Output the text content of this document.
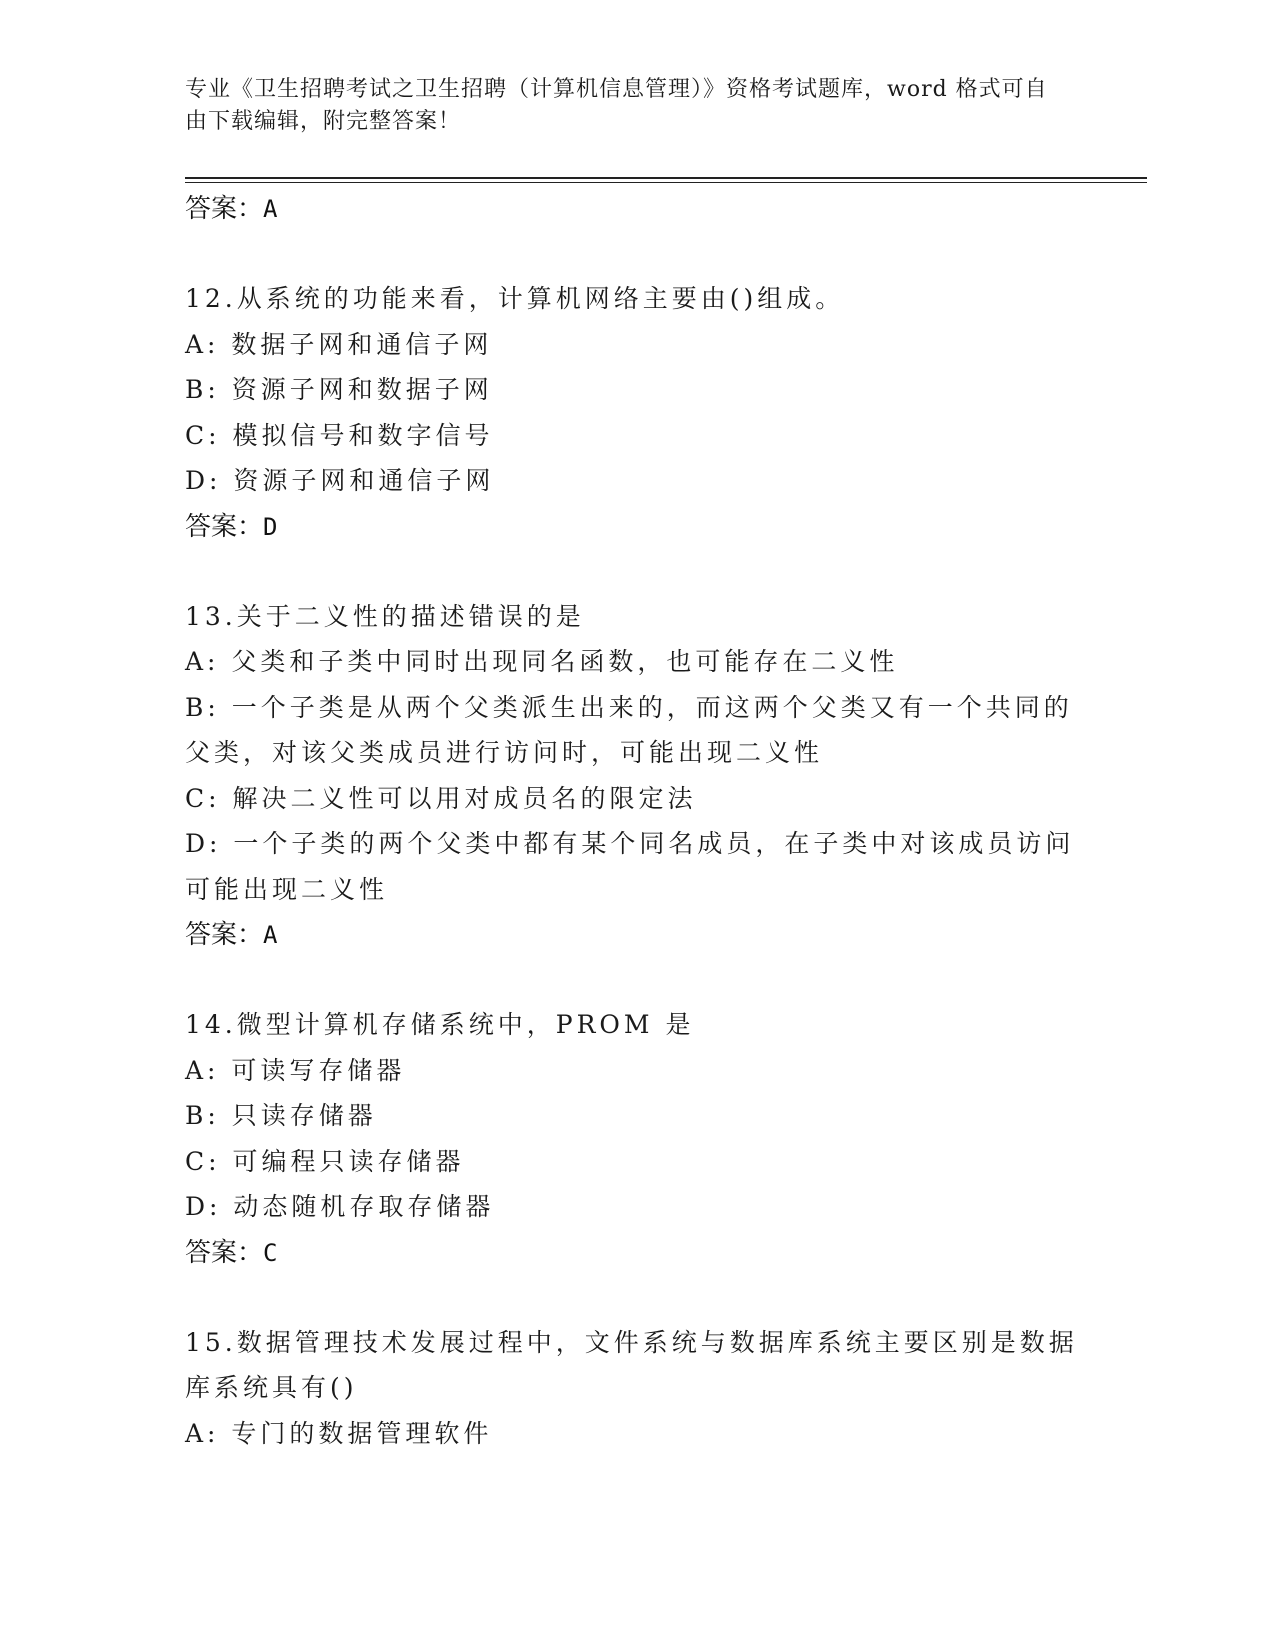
专业《卫生招聘考试之卫生招聘（计算机信息管理）》资格考试题库，word 格式可自由下载编辑，附完整答案！
答案：A
12.从系统的功能来看，计算机网络主要由()组成。
A: 数据子网和通信子网
B: 资源子网和数据子网
C: 模拟信号和数字信号
D: 资源子网和通信子网
答案：D
13.关于二义性的描述错误的是
A: 父类和子类中同时出现同名函数，也可能存在二义性
B: 一个子类是从两个父类派生出来的，而这两个父类又有一个共同的父类，对该父类成员进行访问时，可能出现二义性
C: 解决二义性可以用对成员名的限定法
D: 一个子类的两个父类中都有某个同名成员，在子类中对该成员访问可能出现二义性
答案：A
14.微型计算机存储系统中，PROM 是
A: 可读写存储器
B: 只读存储器
C: 可编程只读存储器
D: 动态随机存取存储器
答案：C
15.数据管理技术发展过程中，文件系统与数据库系统主要区别是数据库系统具有()
A: 专门的数据管理软件
